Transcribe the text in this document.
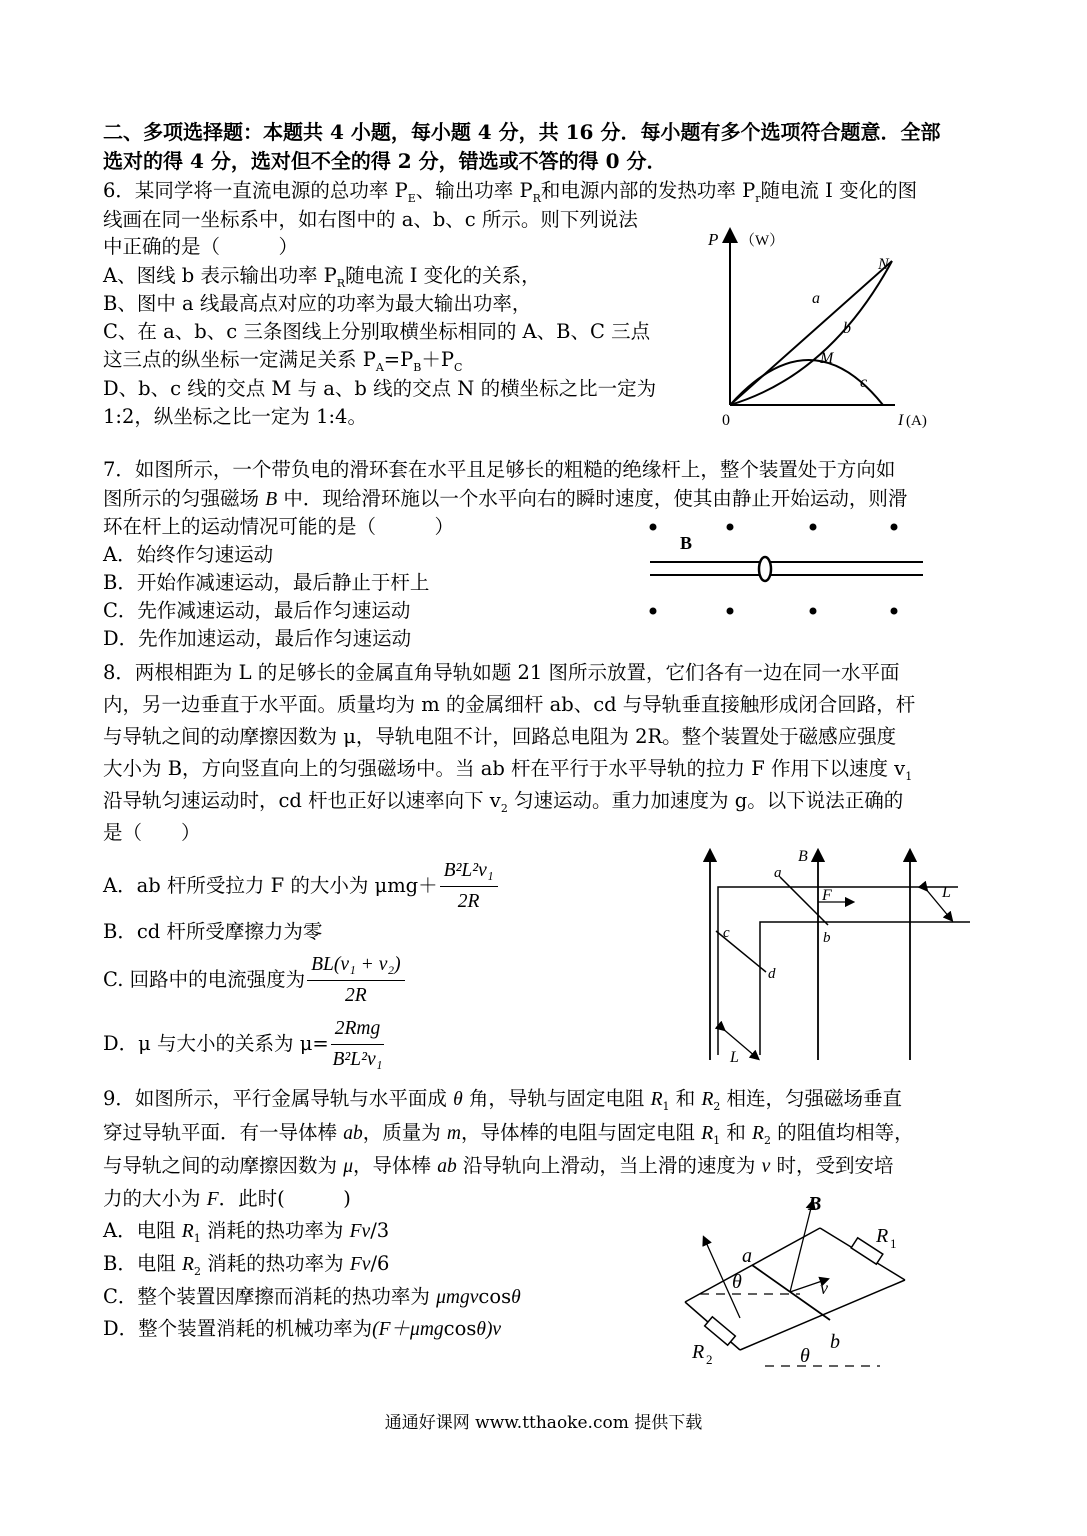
二、多项选择题：本题共 4 小题，每小题 4 分，共 16 分．每小题有多个选项符合题意．全部
选对的得 4 分，选对但不全的得 2 分，错选或不答的得 0 分．
6．某同学将一直流电源的总功率 $P_E$、输出功率 $P_R$和电源内部的发热功率 $P_r$随电流 I 变化的图
线画在同一坐标系中，如右图中的 a、b、c 所示。则下列说法
中正确的是（　　　）
A、图线 b 表示输出功率 $P_R$随电流 I 变化的关系，
B、图中 a 线最高点对应的功率为最大输出功率，
C、在 a、b、c 三条图线上分别取横坐标相同的 A、B、C 三点
这三点的纵坐标一定满足关系 $P_A=P_B+P_C$
D、b、c 线的交点 M 与 a、b 线的交点 N 的横坐标之比一定为
1:2，纵坐标之比一定为 1:4。
P （W）
0	I (A)
a
b
c
M
N
7．如图所示，一个带负电的滑环套在水平且足够长的粗糙的绝缘杆上，整个装置处于方向如
图所示的匀强磁场 B 中．现给滑环施以一个水平向右的瞬时速度，使其由静止开始运动，则滑
环在杆上的运动情况可能的是（　　　）
A．始终作匀速运动
B．开始作减速运动，最后静止于杆上
C．先作减速运动，最后作匀速运动
D．先作加速运动，最后作匀速运动
B
8．两根相距为 L 的足够长的金属直角导轨如题 21 图所示放置，它们各有一边在同一水平面
内，另一边垂直于水平面。质量均为 m 的金属细杆 ab、cd 与导轨垂直接触形成闭合回路，杆
与导轨之间的动摩擦因数为 μ，导轨电阻不计，回路总电阻为 2R。整个装置处于磁感应强度
大小为 B，方向竖直向上的匀强磁场中。当 ab 杆在平行于水平导轨的拉力 F 作用下以速度 $v_1$
沿导轨匀速运动时，cd 杆也正好以速率向下 $v_2$ 匀速运动。重力加速度为 g。以下说法正确的
是（　　）
A．ab 杆所受拉力 F 的大小为 $\mu mg+ \frac{\text{B²L²v₁}}{2R}$
B．cd 杆所受摩擦力为零
C. 回路中的电流强度为 $\frac{\text{BL(v₁ + v₂)}}{2R}$
D．μ 与大小的关系为 $\mu= \frac{\text{2Rmg}}{\text{B²L²v₁}}$
B
F
a
b
c
d
L
L
9．如图所示，平行金属导轨与水平面成 θ 角，导轨与固定电阻 $R_1$ 和 $R_2$ 相连，匀强磁场垂直
穿过导轨平面．有一导体棒 ab，质量为 m，导体棒的电阻与固定电阻 $R_1$ 和 $R_2$ 的阻值均相等，
与导轨之间的动摩擦因数为 μ，导体棒 ab 沿导轨向上滑动，当上滑的速度为 v 时，受到安培
力的大小为 F．此时(　　　)
A．电阻 $R_1$ 消耗的热功率为 Fv/3
B．电阻 $R_2$ 消耗的热功率为 Fv/6
C．整个装置因摩擦而消耗的热功率为 μmgvcosθ
D．整个装置消耗的机械功率为(F＋μmgcosθ)v
B
R 1
R 2
a
b
v
θ
θ
通通好课网 www.tthaoke.com 提供下载
